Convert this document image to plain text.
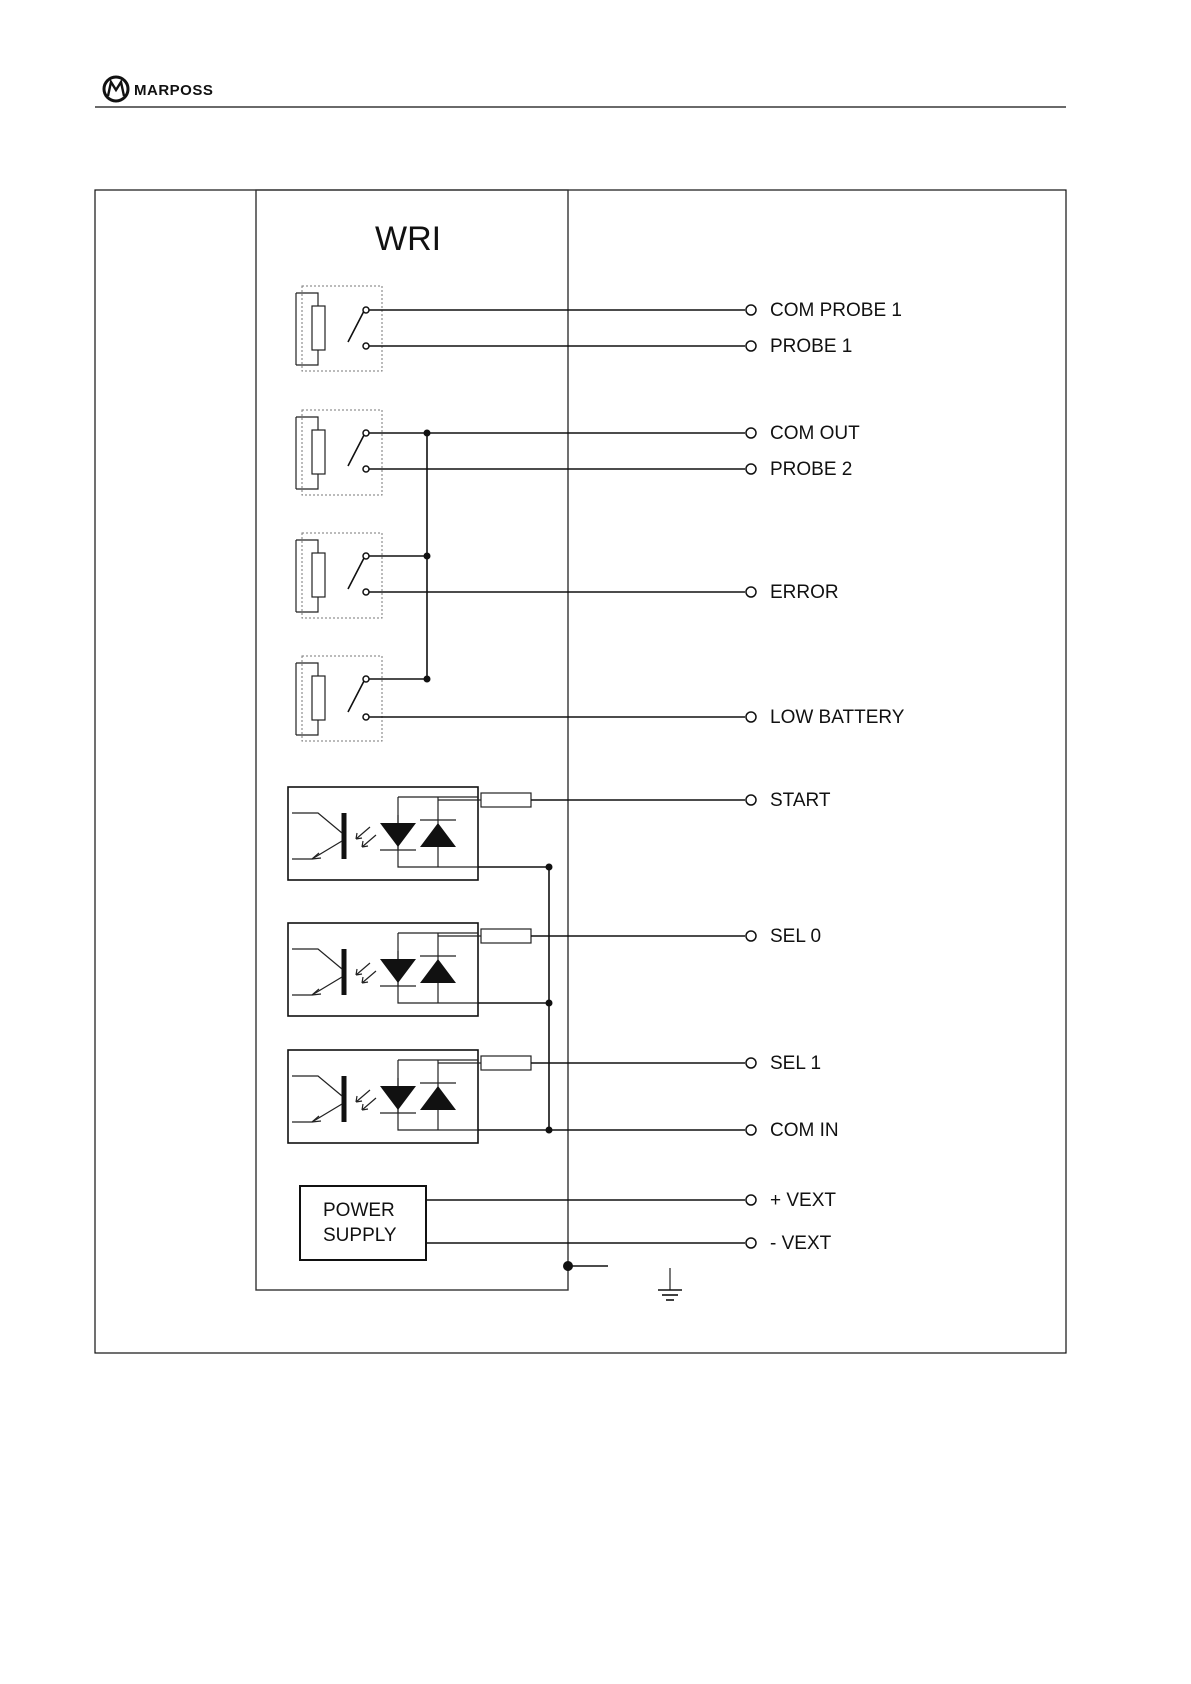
MARPOSS
WRI
POWER
SUPPLY
COM PROBE 1
PROBE 1
COM OUT
PROBE 2
ERROR
LOW BATTERY
START
SEL 0
SEL 1
COM IN
+ VEXT
- VEXT
